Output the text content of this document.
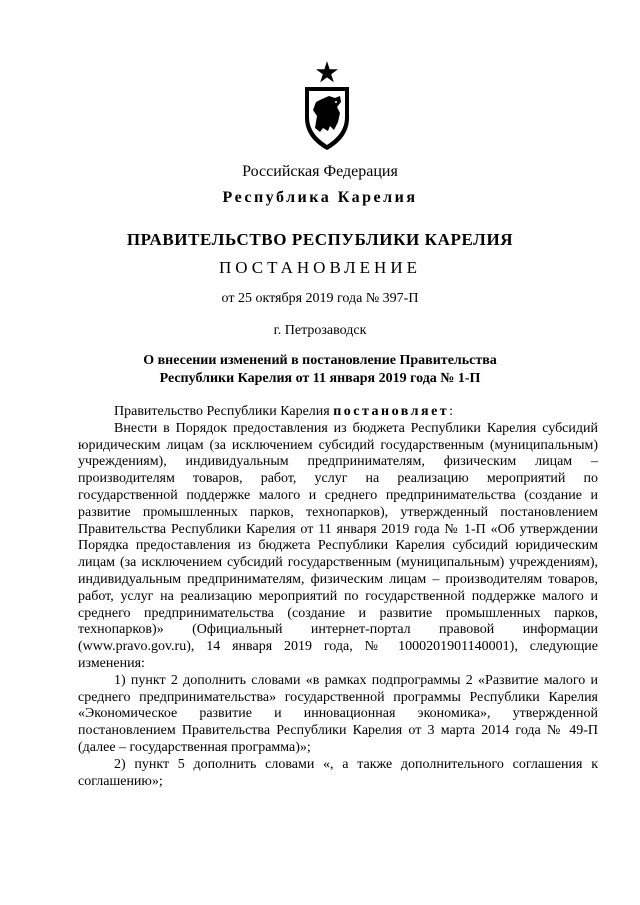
Российская Федерация
Республика Карелия
ПРАВИТЕЛЬСТВО РЕСПУБЛИКИ КАРЕЛИЯ
ПОСТАНОВЛЕНИЕ
от 25 октября 2019 года № 397-П
г. Петрозаводск
О внесении изменений в постановление Правительства
Республики Карелия от 11 января 2019 года № 1-П

Правительство Республики Карелия постановляет:

Внести в Порядок предоставления из бюджета Республики Карелия субсидий юридическим лицам (за исключением субсидий государственным (муниципальным) учреждениям), индивидуальным предпринимателям, физическим лицам – производителям товаров, работ, услуг на реализацию мероприятий по государственной поддержке малого и среднего предпринимательства (создание и развитие промышленных парков, технопарков), утвержденный постановлением Правительства Республики Карелия от 11 января 2019 года № 1-П «Об утверждении Порядка предоставления из бюджета Республики Карелия субсидий юридическим лицам (за исключением субсидий государственным (муниципальным) учреждениям), индивидуальным предпринимателям, физическим лицам – производителям товаров, работ, услуг на реализацию мероприятий по государственной поддержке малого и среднего предпринимательства (создание и развитие промышленных парков, технопарков)» (Официальный интернет-портал правовой информации (www.pravo.gov.ru), 14 января 2019 года, № 1000201901140001), следующие изменения:

1) пункт 2 дополнить словами «в рамках подпрограммы 2 «Развитие малого и среднего предпринимательства» государственной программы Республики Карелия «Экономическое развитие и инновационная экономика», утвержденной постановлением Правительства Республики Карелия от 3 марта 2014 года № 49-П (далее – государственная программа)»;

2) пункт 5 дополнить словами «, а также дополнительного соглашения к соглашению»;
